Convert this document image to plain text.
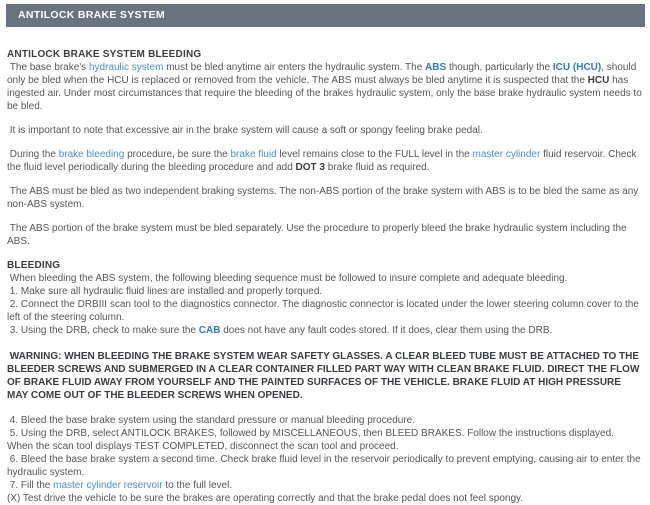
ANTILOCK BRAKE SYSTEM
ANTILOCK BRAKE SYSTEM BLEEDING
The base brake's hydraulic system must be bled anytime air enters the hydraulic system. The ABS though, particularly the ICU (HCU), should only be bled when the HCU is replaced or removed from the vehicle. The ABS must always be bled anytime it is suspected that the HCU has ingested air. Under most circumstances that require the bleeding of the brakes hydraulic system, only the base brake hydraulic system needs to be bled.
It is important to note that excessive air in the brake system will cause a soft or spongy feeling brake pedal.
During the brake bleeding procedure, be sure the brake fluid level remains close to the FULL level in the master cylinder fluid reservoir. Check the fluid level periodically during the bleeding procedure and add DOT 3 brake fluid as required.
The ABS must be bled as two independent braking systems. The non-ABS portion of the brake system with ABS is to be bled the same as any non-ABS system.
The ABS portion of the brake system must be bled separately. Use the procedure to properly bleed the brake hydraulic system including the ABS.
BLEEDING
When bleeding the ABS system, the following bleeding sequence must be followed to insure complete and adequate bleeding.
1. Make sure all hydraulic fluid lines are installed and properly torqued.
2. Connect the DRBIII scan tool to the diagnostics connector. The diagnostic connector is located under the lower steering column cover to the left of the steering column.
3. Using the DRB, check to make sure the CAB does not have any fault codes stored. If it does, clear them using the DRB.
WARNING: WHEN BLEEDING THE BRAKE SYSTEM WEAR SAFETY GLASSES. A CLEAR BLEED TUBE MUST BE ATTACHED TO THE BLEEDER SCREWS AND SUBMERGED IN A CLEAR CONTAINER FILLED PART WAY WITH CLEAN BRAKE FLUID. DIRECT THE FLOW OF BRAKE FLUID AWAY FROM YOURSELF AND THE PAINTED SURFACES OF THE VEHICLE. BRAKE FLUID AT HIGH PRESSURE MAY COME OUT OF THE BLEEDER SCREWS WHEN OPENED.
4. Bleed the base brake system using the standard pressure or manual bleeding procedure.
5. Using the DRB, select ANTILOCK BRAKES, followed by MISCELLANEOUS, then BLEED BRAKES. Follow the instructions displayed. When the scan tool displays TEST COMPLETED, disconnect the scan tool and proceed.
6. Bleed the base brake system a second time. Check brake fluid level in the reservoir periodically to prevent emptying, causing air to enter the hydraulic system.
7. Fill the master cylinder reservoir to the full level.
(X) Test drive the vehicle to be sure the brakes are operating correctly and that the brake pedal does not feel spongy.
